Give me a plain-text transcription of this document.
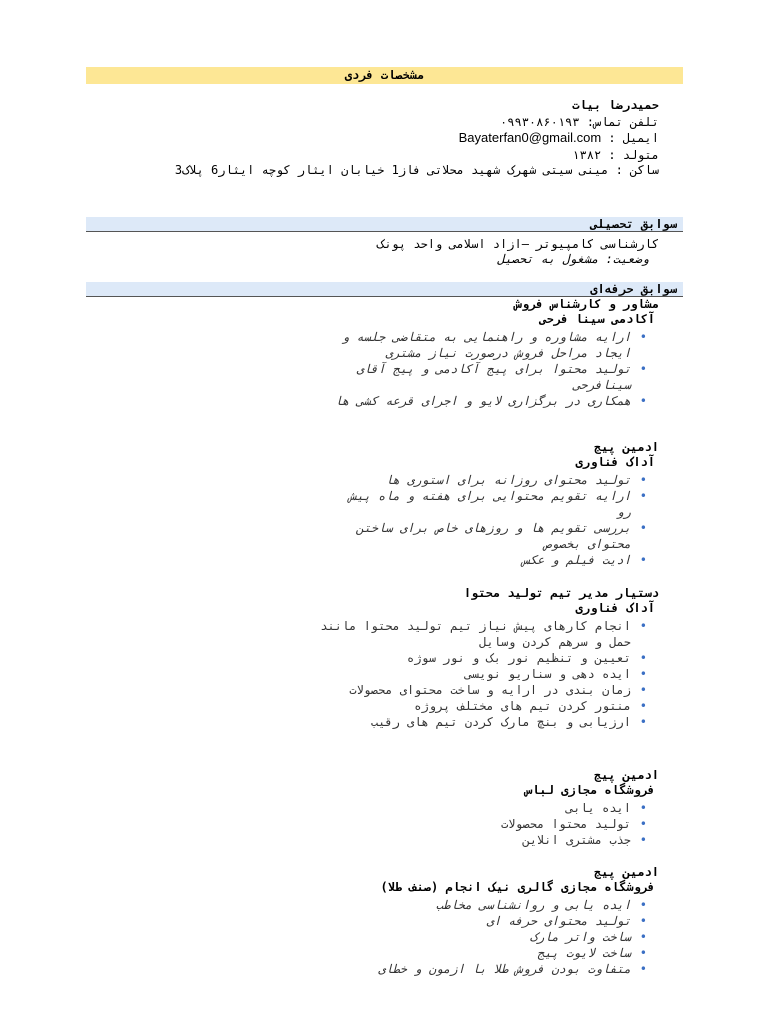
مشخصات فردی
حمیدرضا بیات
تلفن تماس: ۰۹۹۳۰۸۶۰۱۹۳
ایمیل : Bayaterfan0@gmail.com
متولد : ۱۳۸۲
ساکن : مینی سیتی شهرک شهید محلاتی فاز1 خیابان ایثار کوچه ایثار6 پلاک3
سوابق تحصیلی
کارشناسی کامپیوتر –ازاد اسلامی واحد پونک
وضعیت: مشغول به تحصیل
سوابق حرفه‌ای
مشاور و کارشناس فروش
آکادمی سینا فرحی
• ارایه مشاوره و راهنمایی به متقاضی جلسه و ایجاد مراحل فروش درصورت نیاز مشتری
• تولید محتوا برای پیج آکادمی و پیج آقای سینافرحی
• همکاری در برگزاری لایو و اجرای قرعه کشی ها
ادمین پیج
آداک فناوری
• تولید محتوای روزانه برای استوری ها
• ارایه تقویم محتوایی برای هفته و ماه پیش رو
• بررسی تقویم ها و روزهای خاص برای ساختن محتوای بخصوص
• ادیت فیلم و عکس
دستیار مدیر تیم تولید محتوا
آداک فناوری
• انجام کارهای پیش نیاز تیم تولید محتوا مانند حمل و سرهم کردن وسایل
• تعیین و تنظیم نور بک و نور سوژه
• ایده دهی و سناریو نویسی
• زمان بندی در ارایه و ساخت محتوای محصولات
• منتور کردن تیم های مختلف پروژه
• ارزیابی و بنچ مارک کردن تیم های رقیب
ادمین پیج
فروشگاه مجازی لباس
• ایده یابی
• تولید محتوا محصولات
• جذب مشتری انلاین
ادمین پیج
فروشگاه مجازی گالری نیک انجام (صنف طلا)
• ایده یابی و روانشناسی مخاطب
• تولید محتوای حرفه ای
• ساخت واتر مارک
• ساخت لایوت پیج
• متفاوت بودن فروش طلا با ازمون و خطای
